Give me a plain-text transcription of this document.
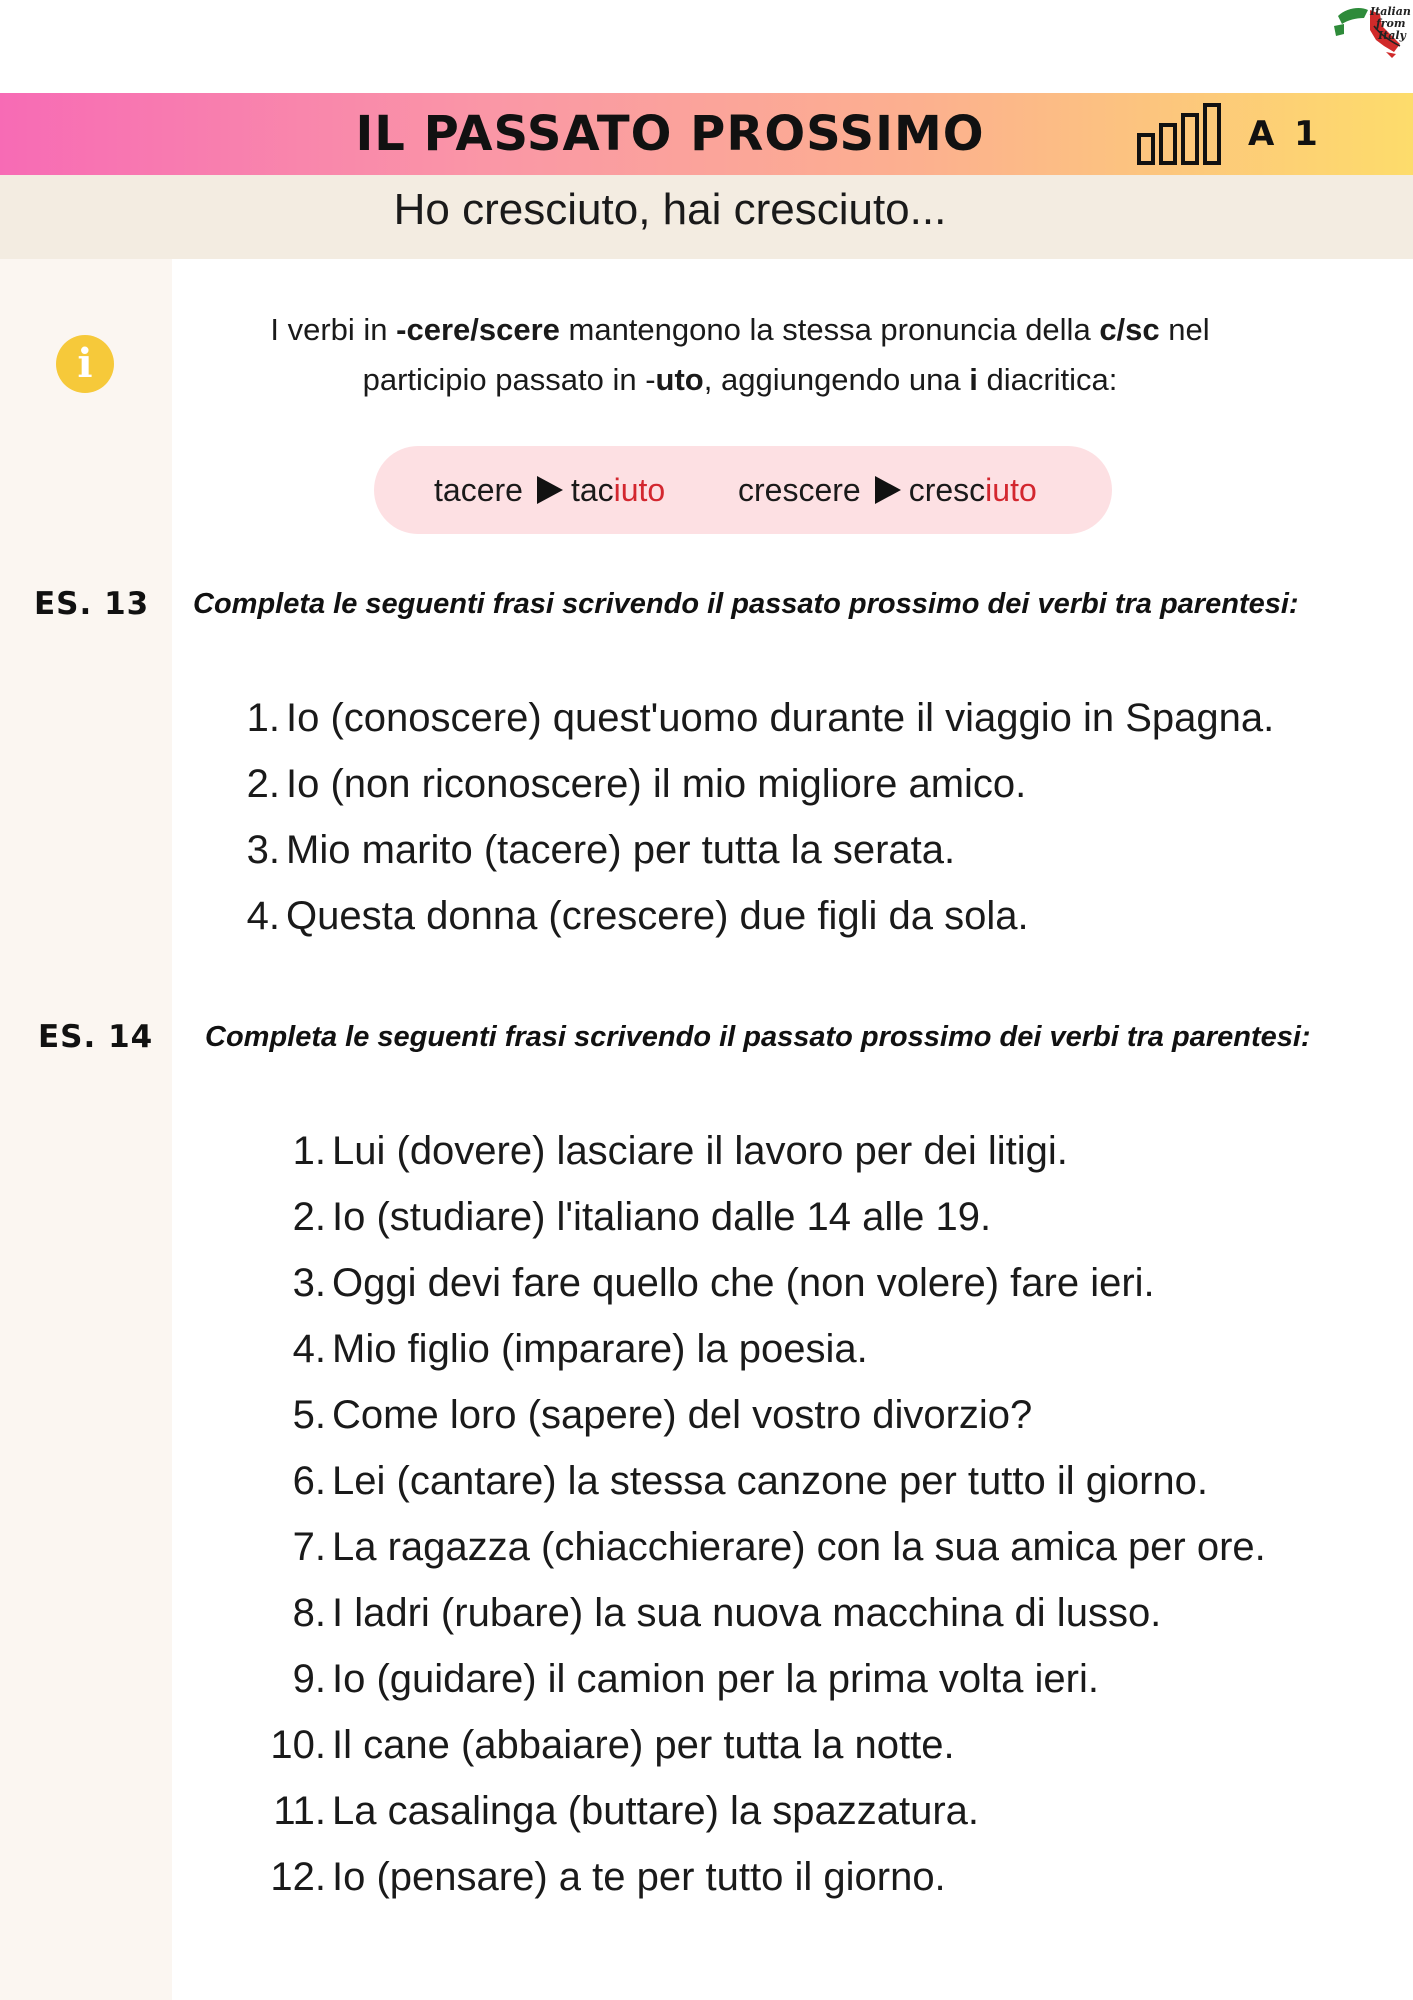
Italian
from
Italy
IL PASSATO PROSSIMO	A 1
Ho cresciuto, hai cresciuto...
i
I verbi in -cere/scere mantengono la stessa pronuncia della c/sc nel
participio passato in -uto, aggiungendo una i diacritica:
tacere taciuto crescere cresciuto
ES. 13 Completa le seguenti frasi scrivendo il passato prossimo dei verbi tra parentesi:
1. Io (conoscere) quest'uomo durante il viaggio in Spagna.
2. Io (non riconoscere) il mio migliore amico.
3. Mio marito (tacere) per tutta la serata.
4. Questa donna (crescere) due figli da sola.
ES. 14 Completa le seguenti frasi scrivendo il passato prossimo dei verbi tra parentesi:
1. Lui (dovere) lasciare il lavoro per dei litigi.
2. Io (studiare) l'italiano dalle 14 alle 19.
3. Oggi devi fare quello che (non volere) fare ieri.
4. Mio figlio (imparare) la poesia.
5. Come loro (sapere) del vostro divorzio?
6. Lei (cantare) la stessa canzone per tutto il giorno.
7. La ragazza (chiacchierare) con la sua amica per ore.
8. I ladri (rubare) la sua nuova macchina di lusso.
9. Io (guidare) il camion per la prima volta ieri.
10. Il cane (abbaiare) per tutta la notte.
11. La casalinga (buttare) la spazzatura.
12. Io (pensare) a te per tutto il giorno.
